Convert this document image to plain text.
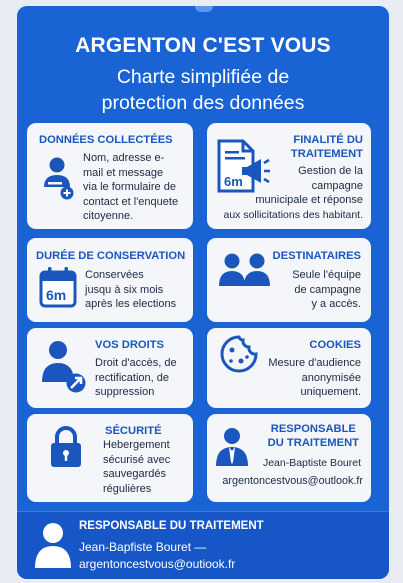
ARGENTON C'EST VOUS
Charte simplifiée de
protection des données
DONNÉES COLLECTÉES
Nom, adresse e-
mail et message
via le formulaire de
contact et l'enquete
citoyenne.
FINALITÉ DU
TRAITEMENT
6m
Gestion de la
campagne
municipale et réponse
aux sollicitations des habitant.
DURÉE DE CONSERVATION
6m
Conservées
jusqu à six mois
après les elections
DESTINATAIRES
Seule l'équipe
de campagne
y a accès.
VOS DROITS
Droit d'accès, de
rectification, de
suppression
COOKIES
Mesure d'audience
anonymisée
uniquement.
SÉCURITÉ
Hebergement
sécurisé avec
sauvegardés
régulières
RESPONSABLE
DU TRAITEMENT
Jean-Baptiste Bouret
argentoncestvous@outlook.fr
RESPONSABLE DU TRAITEMENT
Jean-Bapfiste Bouret —
argentoncestvous@outiook.fr
